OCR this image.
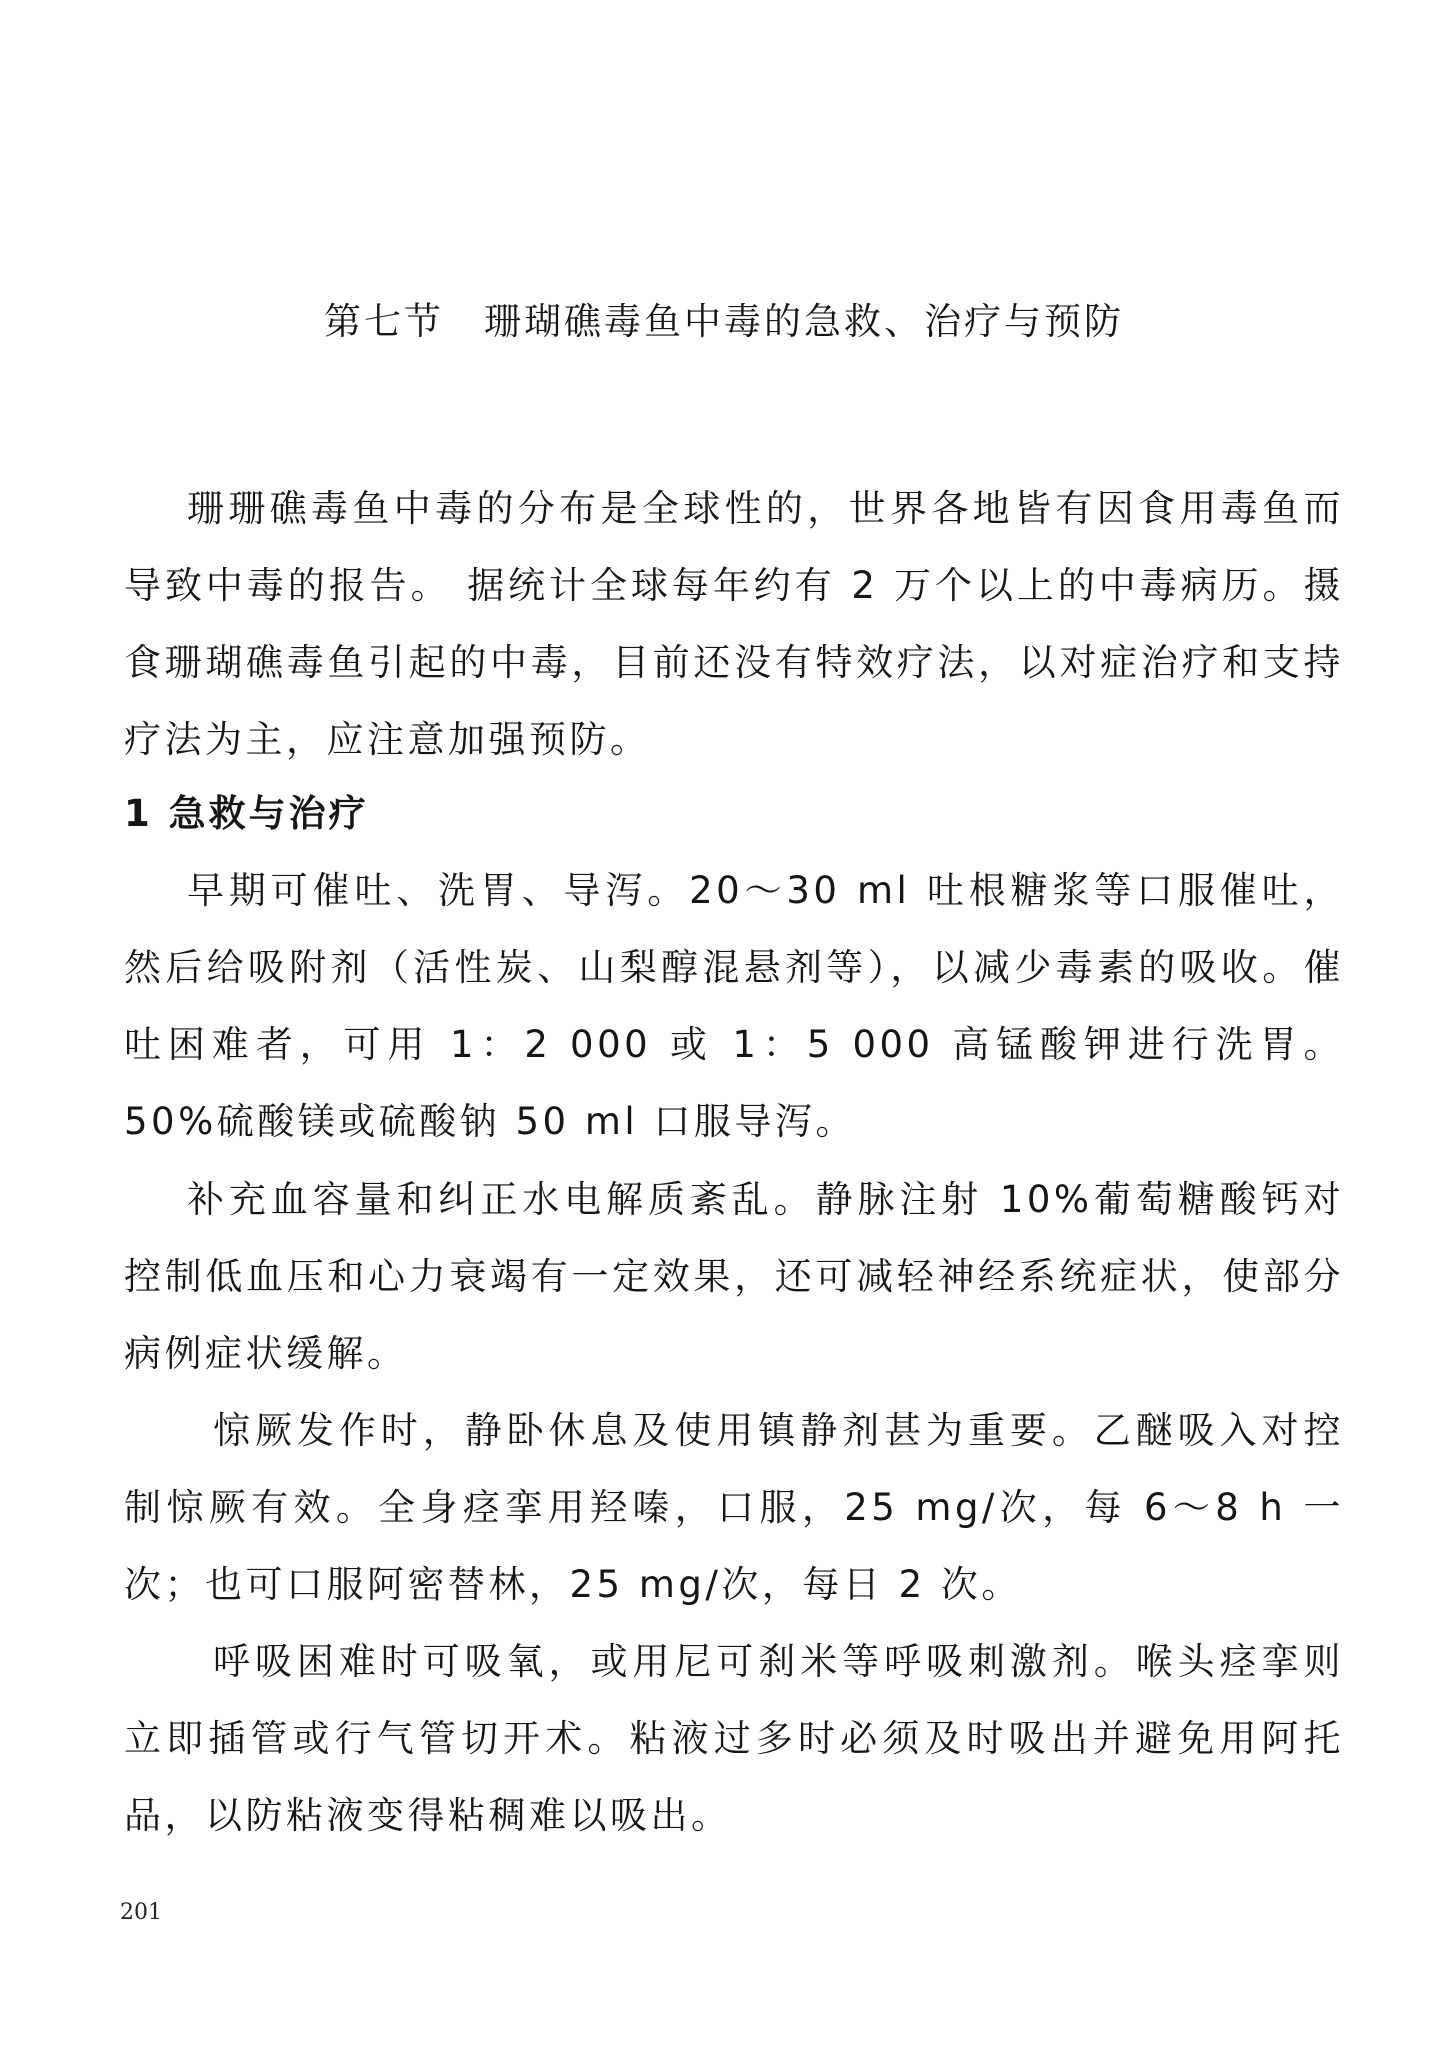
第七节　珊瑚礁毒鱼中毒的急救、治疗与预防
珊珊礁毒鱼中毒的分布是全球性的，世界各地皆有因食用毒鱼而导致中毒的报告。 据统计全球每年约有 2 万个以上的中毒病历。摄食珊瑚礁毒鱼引起的中毒，目前还没有特效疗法，以对症治疗和支持疗法为主，应注意加强预防。
1 急救与治疗
早期可催吐、洗胃、导泻。20～30 ml 吐根糖浆等口服催吐，然后给吸附剂（活性炭、山梨醇混悬剂等），以减少毒素的吸收。催吐困难者，可用 1：2 000 或 1：5 000 高锰酸钾进行洗胃。50%硫酸镁或硫酸钠 50 ml 口服导泻。
补充血容量和纠正水电解质紊乱。静脉注射 10%葡萄糖酸钙对控制低血压和心力衰竭有一定效果，还可减轻神经系统症状，使部分病例症状缓解。
惊厥发作时，静卧休息及使用镇静剂甚为重要。乙醚吸入对控制惊厥有效。全身痉挛用羟嗪，口服，25 mg/次，每 6～8 h 一次；也可口服阿密替林，25 mg/次，每日 2 次。
呼吸困难时可吸氧，或用尼可刹米等呼吸刺激剂。喉头痉挛则立即插管或行气管切开术。粘液过多时必须及时吸出并避免用阿托品，以防粘液变得粘稠难以吸出。
201
